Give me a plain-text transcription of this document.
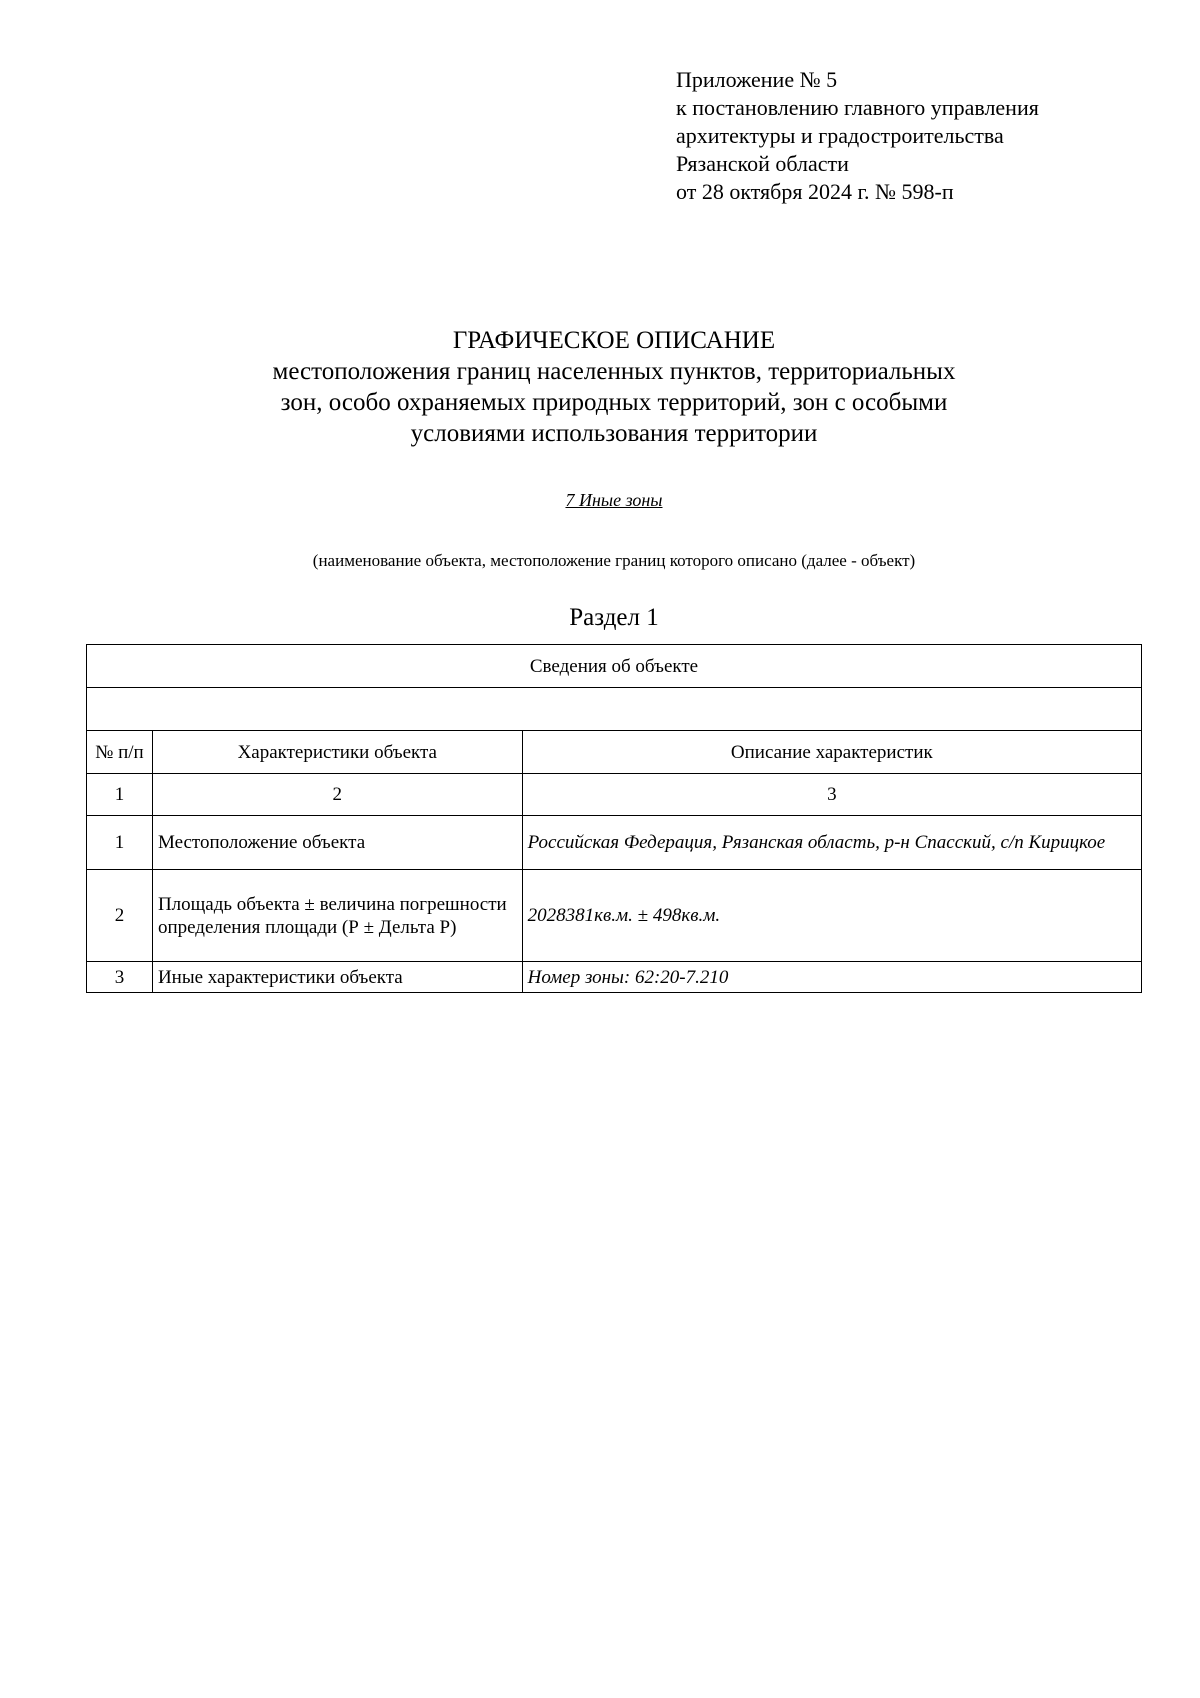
Приложение № 5
к постановлению главного управления
архитектуры и градостроительства
Рязанской области
от 28 октября 2024 г. № 598-п
ГРАФИЧЕСКОЕ ОПИСАНИЕ
местоположения границ населенных пунктов, территориальных
зон, особо охраняемых природных территорий, зон с особыми
условиями использования территории
7 Иные зоны
(наименование объекта, местоположение границ которого описано (далее - объект)
Раздел 1
Сведения об объекте		

№ п/п	Характеристики объекта	Описание характеристик
1	2	3
1	Местоположение объекта	Российская Федерация, Рязанская область, р-н Спасский, с/п Кирицкое
2	Площадь объекта ± величина погрешности определения площади (Р ± Дельта Р)	2028381кв.м. ± 498кв.м.
3	Иные характеристики объекта	Номер зоны: 62:20-7.210
